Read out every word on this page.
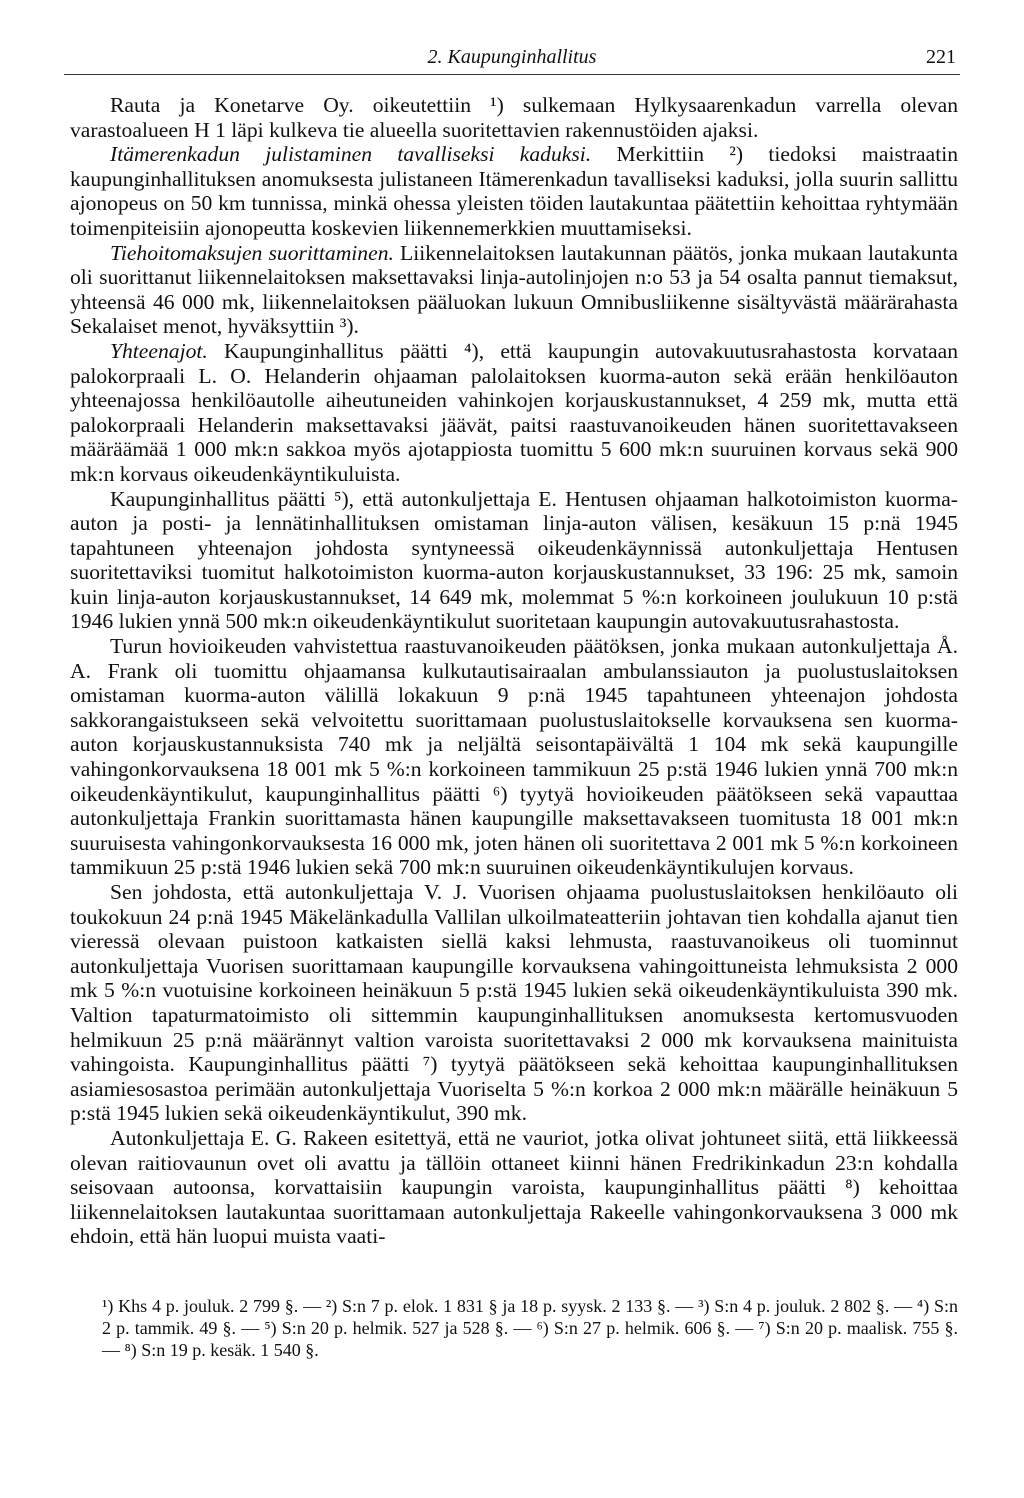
2. Kaupunginhallitus	221

Rauta ja Konetarve Oy. oikeutettiin ¹) sulkemaan Hylkysaarenkadun varrella olevan varastoalueen H 1 läpi kulkeva tie alueella suoritettavien rakennustöiden ajaksi.

Itämerenkadun julistaminen tavalliseksi kaduksi. Merkittiin ²) tiedoksi maistraatin kaupunginhallituksen anomuksesta julistaneen Itämerenkadun tavalliseksi kaduksi, jolla suurin sallittu ajonopeus on 50 km tunnissa, minkä ohessa yleisten töiden lautakuntaa päätettiin kehoittaa ryhtymään toimenpiteisiin ajonopeutta koskevien liikennemerkkien muuttamiseksi.

Tiehoitomaksujen suorittaminen. Liikennelaitoksen lautakunnan päätös, jonka mukaan lautakunta oli suorittanut liikennelaitoksen maksettavaksi linja-autolinjojen n:o 53 ja 54 osalta pannut tiemaksut, yhteensä 46 000 mk, liikennelaitoksen pääluokan lukuun Omnibusliikenne sisältyvästä määrärahasta Sekalaiset menot, hyväksyttiin ³).

Yhteenajot. Kaupunginhallitus päätti ⁴), että kaupungin autovakuutusrahastosta korvataan palokorpraali L. O. Helanderin ohjaaman palolaitoksen kuorma-auton sekä erään henkilöauton yhteenajossa henkilöautolle aiheutuneiden vahinkojen korjauskustannukset, 4 259 mk, mutta että palokorpraali Helanderin maksettavaksi jäävät, paitsi raastuvanoikeuden hänen suoritettavakseen määräämää 1 000 mk:n sakkoa myös ajotappiosta tuomittu 5 600 mk:n suuruinen korvaus sekä 900 mk:n korvaus oikeudenkäyntikuluista.

Kaupunginhallitus päätti ⁵), että autonkuljettaja E. Hentusen ohjaaman halkotoimiston kuorma-auton ja posti- ja lennätinhallituksen omistaman linja-auton välisen, kesäkuun 15 p:nä 1945 tapahtuneen yhteenajon johdosta syntyneessä oikeudenkäynnissä autonkuljettaja Hentusen suoritettaviksi tuomitut halkotoimiston kuorma-auton korjauskustannukset, 33 196: 25 mk, samoin kuin linja-auton korjauskustannukset, 14 649 mk, molemmat 5 %:n korkoineen joulukuun 10 p:stä 1946 lukien ynnä 500 mk:n oikeudenkäyntikulut suoritetaan kaupungin autovakuutusrahastosta.

Turun hovioikeuden vahvistettua raastuvanoikeuden päätöksen, jonka mukaan autonkuljettaja Å. A. Frank oli tuomittu ohjaamansa kulkutautisairaalan ambulanssiauton ja puolustuslaitoksen omistaman kuorma-auton välillä lokakuun 9 p:nä 1945 tapahtuneen yhteenajon johdosta sakkorangaistukseen sekä velvoitettu suorittamaan puolustuslaitokselle korvauksena sen kuorma-auton korjauskustannuksista 740 mk ja neljältä seisontapäivältä 1 104 mk sekä kaupungille vahingonkorvauksena 18 001 mk 5 %:n korkoineen tammikuun 25 p:stä 1946 lukien ynnä 700 mk:n oikeudenkäyntikulut, kaupunginhallitus päätti ⁶) tyytyä hovioikeuden päätökseen sekä vapauttaa autonkuljettaja Frankin suorittamasta hänen kaupungille maksettavakseen tuomitusta 18 001 mk:n suuruisesta vahingonkorvauksesta 16 000 mk, joten hänen oli suoritettava 2 001 mk 5 %:n korkoineen tammikuun 25 p:stä 1946 lukien sekä 700 mk:n suuruinen oikeudenkäyntikulujen korvaus.

Sen johdosta, että autonkuljettaja V. J. Vuorisen ohjaama puolustuslaitoksen henkilöauto oli toukokuun 24 p:nä 1945 Mäkelänkadulla Vallilan ulkoilmateatteriin johtavan tien kohdalla ajanut tien vieressä olevaan puistoon katkaisten siellä kaksi lehmusta, raastuvanoikeus oli tuominnut autonkuljettaja Vuorisen suorittamaan kaupungille korvauksena vahingoittuneista lehmuksista 2 000 mk 5 %:n vuotuisine korkoineen heinäkuun 5 p:stä 1945 lukien sekä oikeudenkäyntikuluista 390 mk. Valtion tapaturmatoimisto oli sittemmin kaupunginhallituksen anomuksesta kertomusvuoden helmikuun 25 p:nä määrännyt valtion varoista suoritettavaksi 2 000 mk korvauksena mainituista vahingoista. Kaupunginhallitus päätti ⁷) tyytyä päätökseen sekä kehoittaa kaupunginhallituksen asiamiesosastoa perimään autonkuljettaja Vuoriselta 5 %:n korkoa 2 000 mk:n määrälle heinäkuun 5 p:stä 1945 lukien sekä oikeudenkäyntikulut, 390 mk.

Autonkuljettaja E. G. Rakeen esitettyä, että ne vauriot, jotka olivat johtuneet siitä, että liikkeessä olevan raitiovaunun ovet oli avattu ja tällöin ottaneet kiinni hänen Fredrikinkadun 23:n kohdalla seisovaan autoonsa, korvattaisiin kaupungin varoista, kaupunginhallitus päätti ⁸) kehoittaa liikennelaitoksen lautakuntaa suorittamaan autonkuljettaja Rakeelle vahingonkorvauksena 3 000 mk ehdoin, että hän luopui muista vaati-

¹) Khs 4 p. jouluk. 2 799 §. — ²) S:n 7 p. elok. 1 831 § ja 18 p. syysk. 2 133 §. — ³) S:n 4 p. jouluk. 2 802 §. — ⁴) S:n 2 p. tammik. 49 §. — ⁵) S:n 20 p. helmik. 527 ja 528 §. — ⁶) S:n 27 p. helmik. 606 §. — ⁷) S:n 20 p. maalisk. 755 §. — ⁸) S:n 19 p. kesäk. 1 540 §.
